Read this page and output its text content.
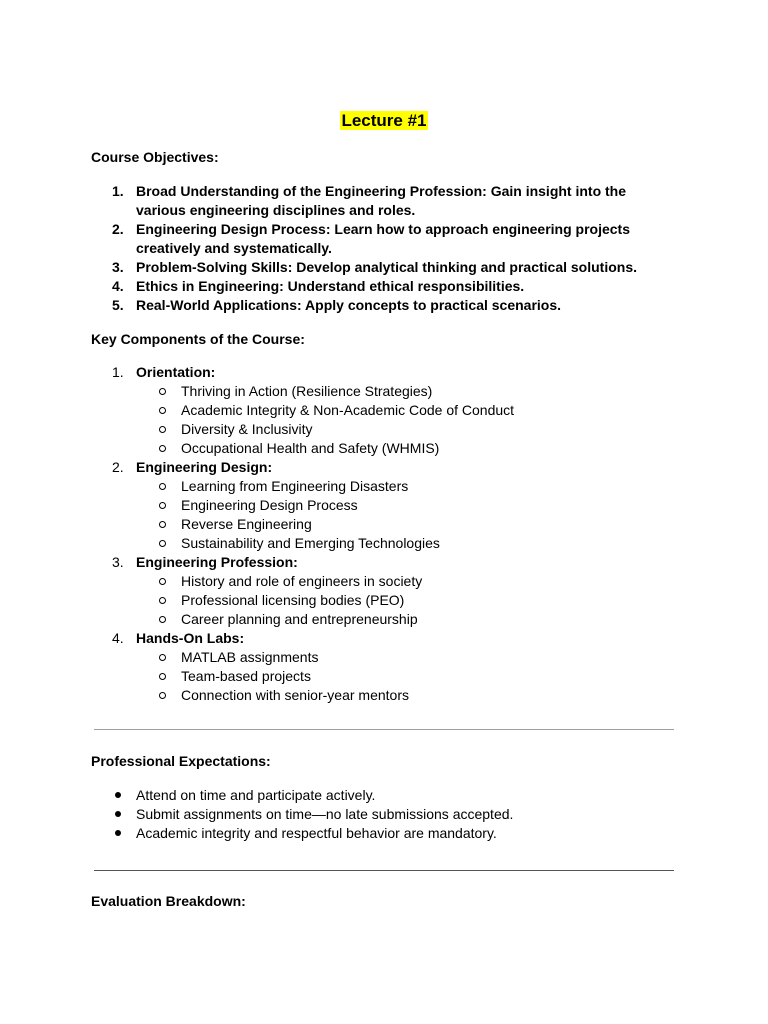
Lecture #1
Course Objectives:
1. Broad Understanding of the Engineering Profession: Gain insight into the various engineering disciplines and roles.
2. Engineering Design Process: Learn how to approach engineering projects creatively and systematically.
3. Problem-Solving Skills: Develop analytical thinking and practical solutions.
4. Ethics in Engineering: Understand ethical responsibilities.
5. Real-World Applications: Apply concepts to practical scenarios.
Key Components of the Course:
1. Orientation:
Thriving in Action (Resilience Strategies)
Academic Integrity & Non-Academic Code of Conduct
Diversity & Inclusivity
Occupational Health and Safety (WHMIS)
2. Engineering Design:
Learning from Engineering Disasters
Engineering Design Process
Reverse Engineering
Sustainability and Emerging Technologies
3. Engineering Profession:
History and role of engineers in society
Professional licensing bodies (PEO)
Career planning and entrepreneurship
4. Hands-On Labs:
MATLAB assignments
Team-based projects
Connection with senior-year mentors
Professional Expectations:
Attend on time and participate actively.
Submit assignments on time—no late submissions accepted.
Academic integrity and respectful behavior are mandatory.
Evaluation Breakdown:
